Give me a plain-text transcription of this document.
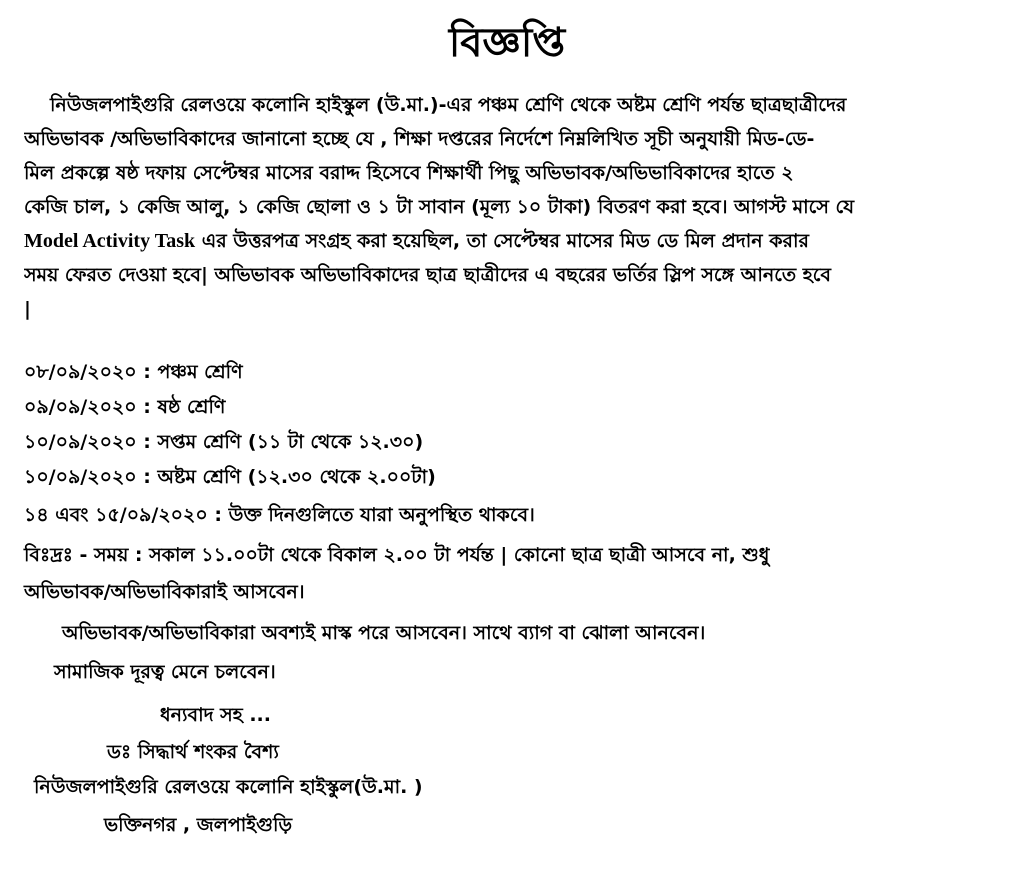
বিজ্ঞপ্তি
নিউজলপাইগুরি রেলওয়ে কলোনি হাইস্কুল (উ.মা.)-এর পঞ্চম শ্রেণি থেকে অষ্টম শ্রেণি পর্যন্ত ছাত্রছাত্রীদের
অভিভাবক /অভিভাবিকাদের জানানো হচ্ছে যে , শিক্ষা দপ্তরের নির্দেশে নিম্নলিখিত সূচী অনুযায়ী মিড-ডে-
মিল প্রকল্পে ষষ্ঠ দফায় সেপ্টেম্বর মাসের বরাদ্দ হিসেবে শিক্ষার্থী পিছু অভিভাবক/অভিভাবিকাদের হাতে ২
কেজি চাল, ১ কেজি আলু, ১ কেজি ছোলা ও ১ টা সাবান (মূল্য ১০ টাকা) বিতরণ করা হবে। আগস্ট মাসে যে
Model Activity Task এর উত্তরপত্র সংগ্রহ করা হয়েছিল, তা সেপ্টেম্বর মাসের মিড ডে মিল প্রদান করার
সময় ফেরত দেওয়া হবে| অভিভাবক অভিভাবিকাদের ছাত্র ছাত্রীদের এ বছরের ভর্তির স্লিপ সঙ্গে আনতে হবে
|
০৮/০৯/২০২০ : পঞ্চম শ্রেণি
০৯/০৯/২০২০ : ষষ্ঠ শ্রেণি
১০/০৯/২০২০ : সপ্তম শ্রেণি (১১ টা থেকে ১২.৩০)
১০/০৯/২০২০ : অষ্টম শ্রেণি (১২.৩০ থেকে ২.০০টা)
১৪ এবং ১৫/০৯/২০২০ : উক্ত দিনগুলিতে যারা অনুপস্থিত থাকবে।
বিঃদ্রঃ - সময় : সকাল ১১.০০টা থেকে বিকাল ২.০০ টা পর্যন্ত | কোনো ছাত্র ছাত্রী আসবে না, শুধু
অভিভাবক/অভিভাবিকারাই আসবেন।
অভিভাবক/অভিভাবিকারা অবশ্যই মাস্ক পরে আসবেন। সাথে ব্যাগ বা ঝোলা আনবেন।
সামাজিক দূরত্ব মেনে চলবেন।
ধন্যবাদ সহ ...
ডঃ সিদ্ধার্থ শংকর বৈশ্য
নিউজলপাইগুরি রেলওয়ে কলোনি হাইস্কুল(উ.মা. )
ভক্তিনগর , জলপাইগুড়ি
